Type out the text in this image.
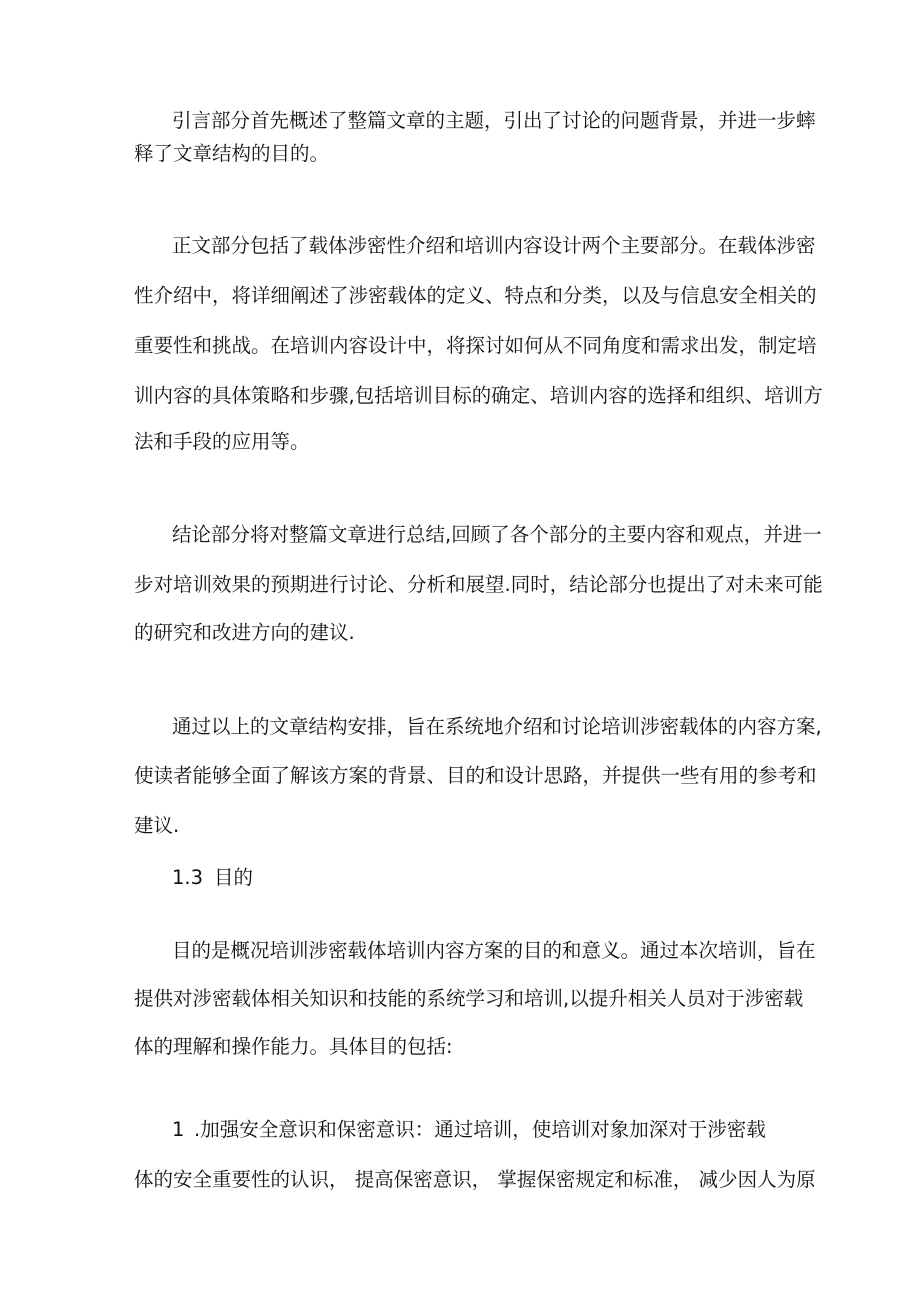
引言部分首先概述了整篇文章的主题，引出了讨论的问题背景，并进一步蟀
释了文章结构的目的。
正文部分包括了载体涉密性介绍和培训内容设计两个主要部分。在载体涉密
性介绍中，将详细阐述了涉密载体的定义、特点和分类，以及与信息安全相关的
重要性和挑战。在培训内容设计中，将探讨如何从不同角度和需求出发，制定培
训内容的具体策略和步骤,包括培训目标的确定、培训内容的选择和组织、培训方
法和手段的应用等。
结论部分将对整篇文章进行总结,回顾了各个部分的主要内容和观点，并进一
步对培训效果的预期进行讨论、分析和展望.同时，结论部分也提出了对未来可能
的研究和改进方向的建议.
通过以上的文章结构安排，旨在系统地介绍和讨论培训涉密载体的内容方案,
使读者能够全面了解该方案的背景、目的和设计思路，并提供一些有用的参考和
建议.
1.3 目的
目的是概况培训涉密载体培训内容方案的目的和意义。通过本次培训，旨在
提供对涉密载体相关知识和技能的系统学习和培训,以提升相关人员对于涉密载
体的理解和操作能力。具体目的包括:
1 .加强安全意识和保密意识：通过培训，使培训对象加深对于涉密载
体的安全重要性的认识， 提高保密意识， 掌握保密规定和标准， 减少因人为原
